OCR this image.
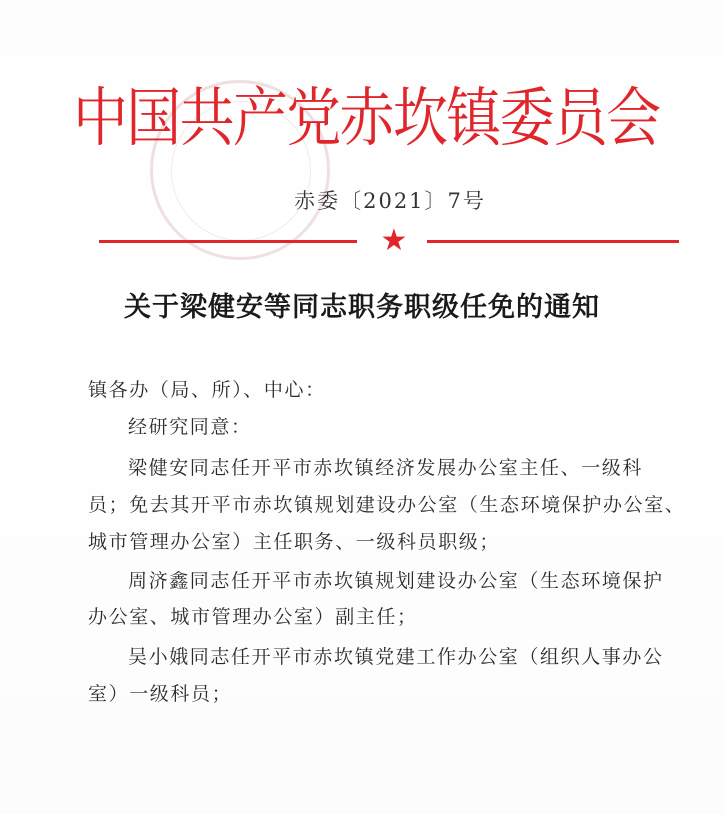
中国共产党赤坎镇委员会
赤委〔2021〕7号
★
关于梁健安等同志职务职级任免的通知
镇各办（局、所）、中心：
经研究同意：
梁健安同志任开平市赤坎镇经济发展办公室主任、一级科
员；免去其开平市赤坎镇规划建设办公室（生态环境保护办公室、
城市管理办公室）主任职务、一级科员职级；
周济鑫同志任开平市赤坎镇规划建设办公室（生态环境保护
办公室、城市管理办公室）副主任；
吴小娥同志任开平市赤坎镇党建工作办公室（组织人事办公
室）一级科员；
